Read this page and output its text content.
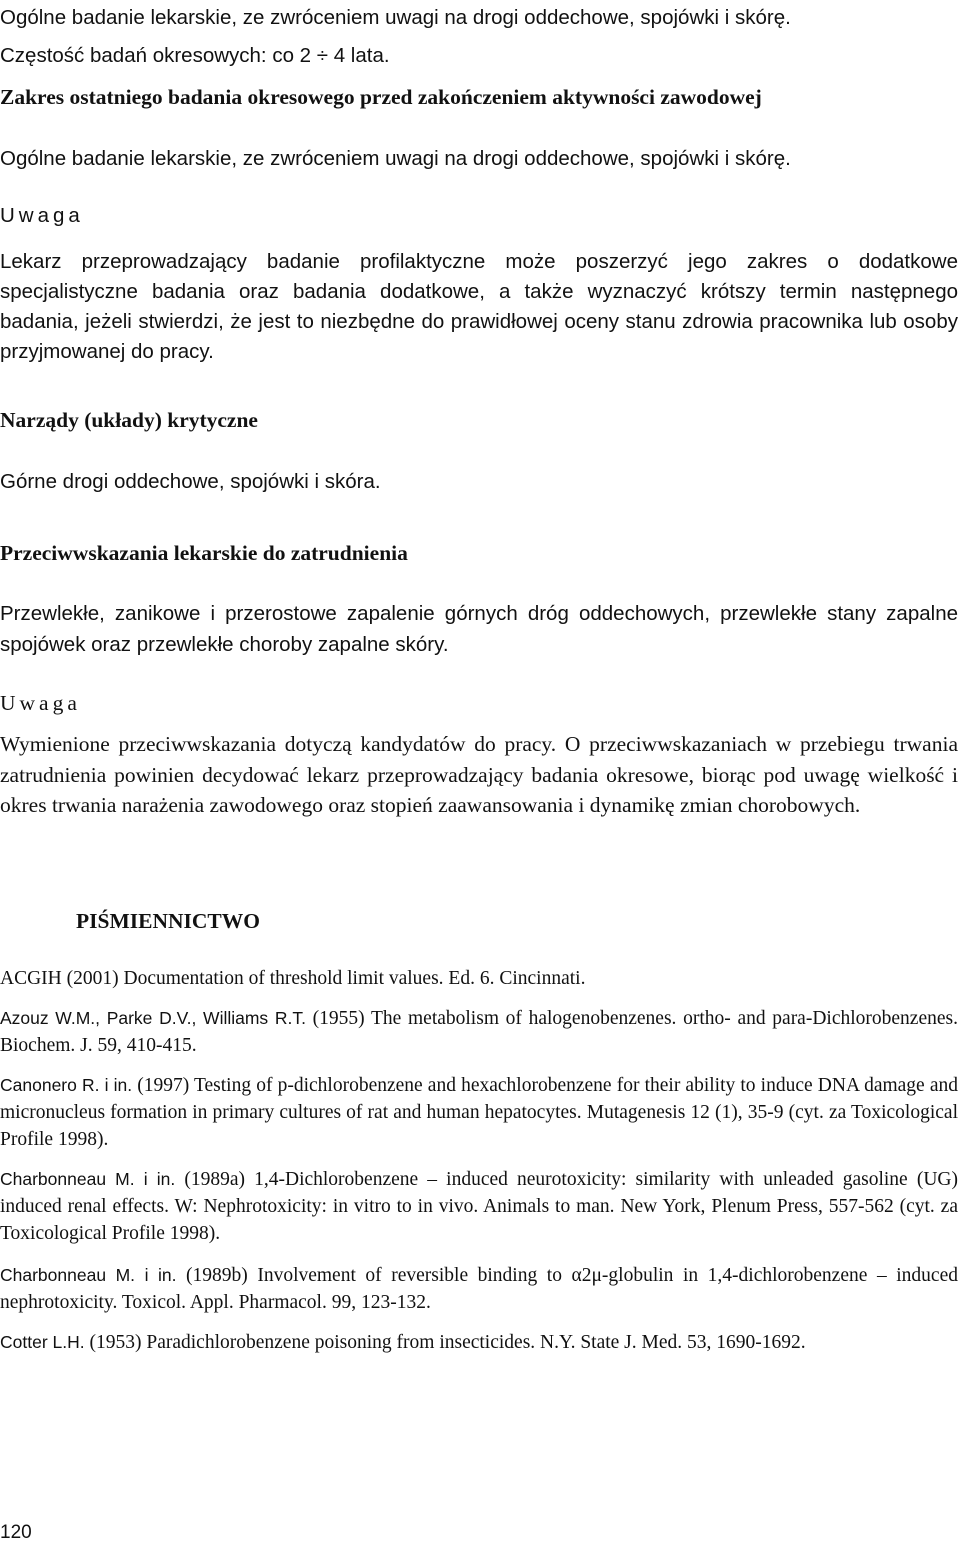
Ogólne badanie lekarskie, ze zwróceniem uwagi na drogi oddechowe, spojówki i skórę.
Częstość badań okresowych: co 2 ÷ 4 lata.
Zakres ostatniego badania okresowego przed zakończeniem aktywności zawodowej
Ogólne badanie lekarskie, ze zwróceniem uwagi na drogi oddechowe, spojówki i skórę.
Uwaga
Lekarz przeprowadzający badanie profilaktyczne może poszerzyć jego zakres o dodatkowe specjalistyczne badania oraz badania dodatkowe, a także wyznaczyć krótszy termin następnego badania, jeżeli stwierdzi, że jest to niezbędne do prawidłowej oceny stanu zdrowia pracownika lub osoby przyjmowanej do pracy.
Narządy (układy) krytyczne
Górne drogi oddechowe, spojówki i skóra.
Przeciwwskazania lekarskie do zatrudnienia
Przewlekłe, zanikowe i przerostowe zapalenie górnych dróg oddechowych, przewlekłe stany zapalne spojówek oraz przewlekłe choroby zapalne skóry.
Uwaga
Wymienione przeciwwskazania dotyczą kandydatów do pracy. O przeciwwskazaniach w przebiegu trwania zatrudnienia powinien decydować lekarz przeprowadzający badania okresowe, biorąc pod uwagę wielkość i okres trwania narażenia zawodowego oraz stopień zaawansowania i dynamikę zmian chorobowych.
PIŚMIENNICTWO
ACGIH (2001) Documentation of threshold limit values. Ed. 6. Cincinnati.
Azouz W.M., Parke D.V., Williams R.T. (1955) The metabolism of halogenobenzenes. ortho- and para-Dichlorobenzenes. Biochem. J. 59, 410-415.
Canonero R. i in. (1997) Testing of p-dichlorobenzene and hexachlorobenzene for their ability to induce DNA damage and micronucleus formation in primary cultures of rat and human hepatocytes. Mutagenesis 12 (1), 35-9 (cyt. za Toxicological Profile 1998).
Charbonneau M. i in. (1989a) 1,4-Dichlorobenzene – induced neurotoxicity: similarity with unleaded gasoline (UG) induced renal effects. W: Nephrotoxicity: in vitro to in vivo. Animals to man. New York, Plenum Press, 557-562 (cyt. za Toxicological Profile 1998).
Charbonneau M. i in. (1989b) Involvement of reversible binding to α2μ-globulin in 1,4-dichlorobenzene – induced nephrotoxicity. Toxicol. Appl. Pharmacol. 99, 123-132.
Cotter L.H. (1953) Paradichlorobenzene poisoning from insecticides. N.Y. State J. Med. 53, 1690-1692.
120
